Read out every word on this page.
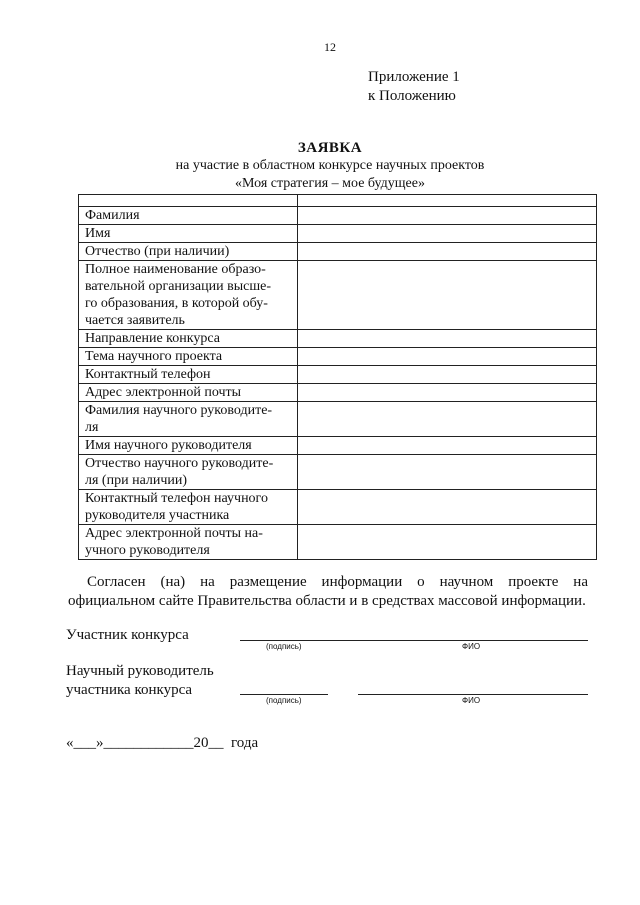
12
Приложение 1
к Положению
ЗАЯВКА
на участие в областном конкурсе научных проектов
«Моя стратегия – мое будущее»

Фамилия	

Имя	

Отчество (при наличии)	

Полное наименование образо-
вательной организации высше-
го образования, в которой обу-
чается заявитель	

Направление конкурса	

Тема научного проекта	

Контактный телефон	

Адрес электронной почты	

Фамилия научного руководите-
ля	

Имя научного руководителя	

Отчество научного руководите-
ля (при наличии)	

Контактный телефон научного
руководителя участника	

Адрес электронной почты на-
учного руководителя	

Согласен (на) на размещение информации о научном проекте на официальном сайте Правительства области и в средствах массовой информации.
Участник конкурса
(подпись)	ФИО
Научный руководитель
участника конкурса
(подпись)	ФИО
«___»____________20__  года
